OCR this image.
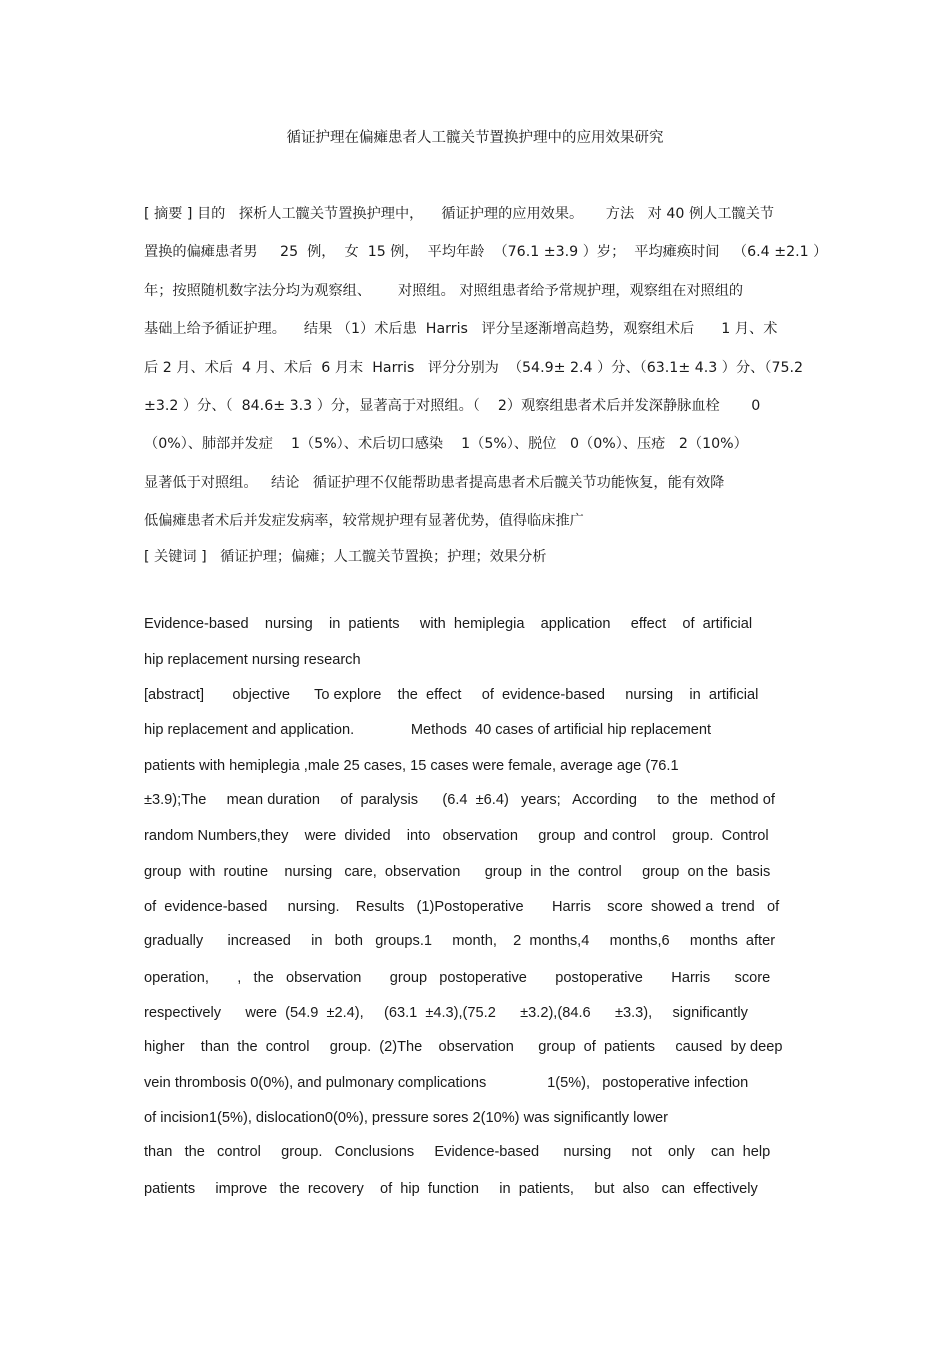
循证护理在偏瘫患者人工髋关节置换护理中的应用效果研究
[ 摘要 ] 目的   探析人工髋关节置换护理中，    循证护理的应用效果。     方法   对 40 例人工髋关节
置换的偏瘫患者男     25  例，  女  15 例，  平均年龄  （76.1 ±3.9 ）岁；  平均瘫痪时间   （6.4 ±2.1 ）
年；按照随机数字法分均为观察组、      对照组。 对照组患者给予常规护理，观察组在对照组的
基础上给予循证护理。    结果 （1）术后患  Harris   评分呈逐渐增高趋势，观察组术后      1 月、术
后 2 月、术后  4 月、术后  6 月末  Harris   评分分别为  （54.9± 2.4 ）分、（63.1± 4.3 ）分、（75.2
±3.2 ）分、（  84.6± 3.3 ）分，显著高于对照组。（    2）观察组患者术后并发深静脉血栓       0
（0%）、肺部并发症    1（5%）、术后切口感染    1（5%）、脱位   0（0%）、压疮   2（10%）
显著低于对照组。   结论   循证护理不仅能帮助患者提高患者术后髋关节功能恢复，能有效降
低偏瘫患者术后并发症发病率，较常规护理有显著优势，值得临床推广
[ 关键词 ]   循证护理；偏瘫；人工髋关节置换；护理；效果分析
Evidence-based    nursing    in  patients     with  hemiplegia    application     effect    of  artificial
hip replacement nursing research
[abstract]       objective      To explore    the  effect     of  evidence-based     nursing    in  artificial
hip replacement and application.              Methods  40 cases of artificial hip replacement
patients with hemiplegia ,male 25 cases, 15 cases were female, average age (76.1
±3.9);The     mean duration     of  paralysis      (6.4  ±6.4)   years;   According     to  the   method of
random Numbers,they    were  divided    into   observation     group  and control    group.  Control
group  with  routine    nursing   care,  observation      group  in  the  control     group  on the  basis
of  evidence-based     nursing.    Results   (1)Postoperative       Harris    score  showed a  trend   of
gradually      increased     in   both   groups.1     month,    2  months,4     months,6     months  after
operation,       ,   the   observation       group   postoperative       postoperative       Harris      score
respectively      were  (54.9  ±2.4),     (63.1  ±4.3),(75.2      ±3.2),(84.6      ±3.3),     significantly
higher    than  the  control     group.  (2)The    observation      group  of  patients     caused  by deep
vein thrombosis 0(0%), and pulmonary complications               1(5%),   postoperative infection
of incision1(5%), dislocation0(0%), pressure sores 2(10%) was significantly lower
than   the   control     group.   Conclusions     Evidence-based      nursing     not    only    can  help
patients     improve   the  recovery    of  hip  function     in  patients,     but  also   can  effectively
